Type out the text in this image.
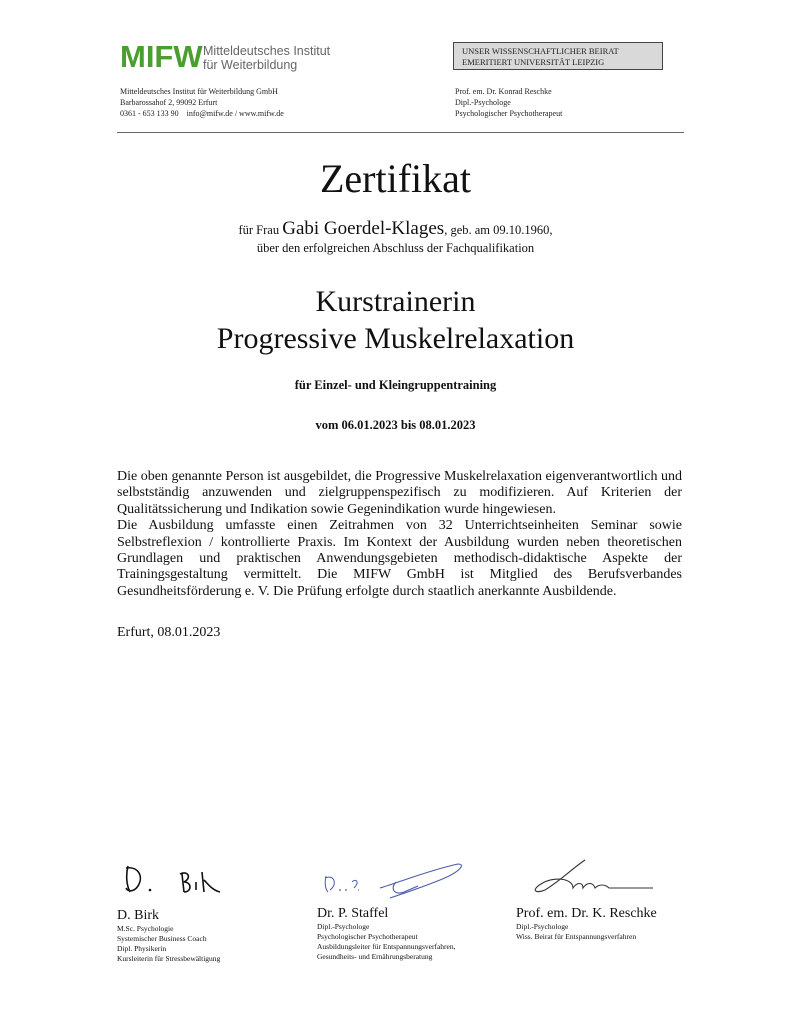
MIFW Mitteldeutsches Institut
für Weiterbildung
Mitteldeutsches Institut für Weiterbildung GmbH
Barbarossahof 2, 99092 Erfurt
0361 - 653 133 90    info@mifw.de / www.mifw.de
UNSER WISSENSCHAFTLICHER BEIRAT
EMERITIERT UNIVERSITÄT LEIPZIG
Prof. em. Dr. Konrad Reschke
Dipl.-Psychologe
Psychologischer Psychotherapeut
Zertifikat
für Frau Gabi Goerdel-Klages, geb. am 09.10.1960,
über den erfolgreichen Abschluss der Fachqualifikation
Kurstrainerin
Progressive Muskelrelaxation
für Einzel- und Kleingruppentraining
vom 06.01.2023 bis 08.01.2023

Die oben genannte Person ist ausgebildet, die Progressive Muskelrelaxation eigenverantwortlich und selbstständig anzuwenden und zielgruppenspezifisch zu modifizieren. Auf Kriterien der Qualitätssicherung und Indikation sowie Gegenindikation wurde hingewiesen.

Die Ausbildung umfasste einen Zeitrahmen von 32 Unterrichtseinheiten Seminar sowie Selbstreflexion / kontrollierte Praxis. Im Kontext der Ausbildung wurden neben theoretischen Grundlagen und praktischen Anwendungsgebieten methodisch-didaktische Aspekte der Trainingsgestaltung vermittelt. Die MIFW GmbH ist Mitglied des Berufsverbandes Gesundheitsförderung e. V. Die Prüfung erfolgte durch staatlich anerkannte Ausbildende.

Erfurt, 08.01.2023
D. Birk
M.Sc. Psychologie
Systemischer Business Coach
Dipl. Physikerin
Kursleiterin für Stressbewältigung
Dr. P. Staffel
Dipl.-Psychologe
Psychologischer Psychotherapeut
Ausbildungsleiter für Entspannungsverfahren,
Gesundheits- und Ernährungsberatung
Prof. em. Dr. K. Reschke
Dipl.-Psychologe
Wiss. Beirat für Entspannungsverfahren
